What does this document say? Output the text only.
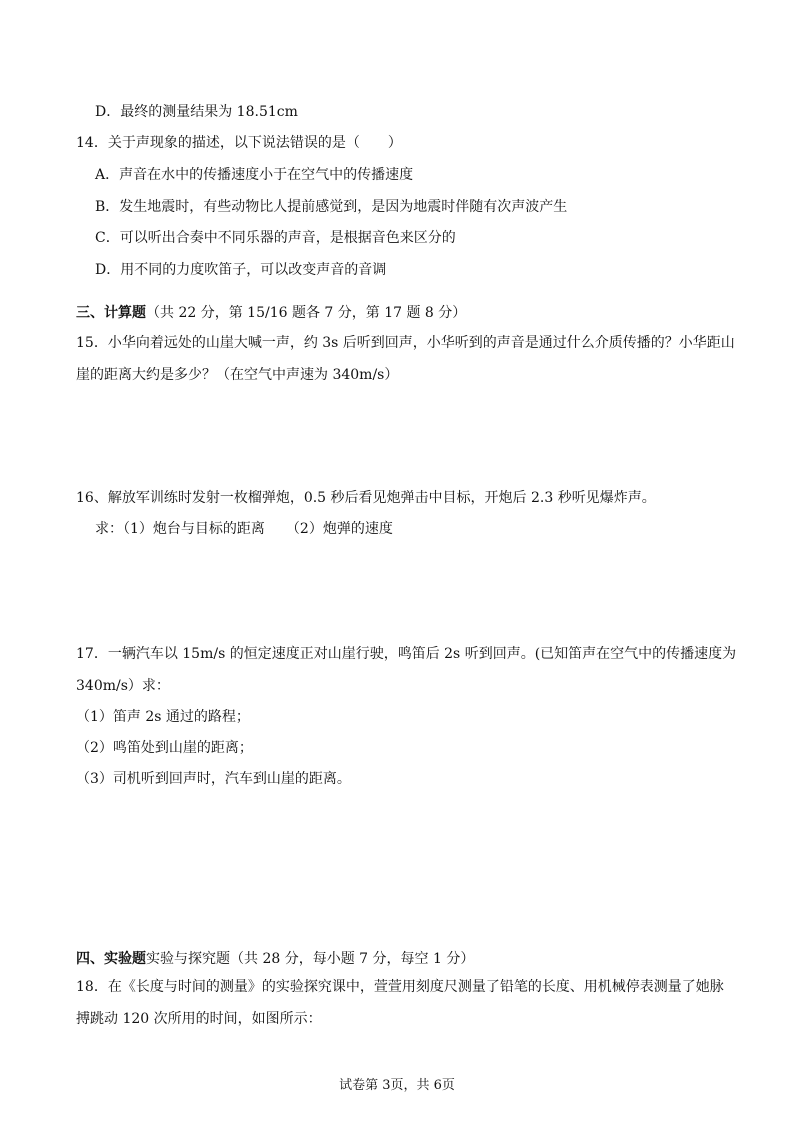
D．最终的测量结果为 18.51cm
14．关于声现象的描述，以下说法错误的是（　　）
A．声音在水中的传播速度小于在空气中的传播速度
B．发生地震时，有些动物比人提前感觉到，是因为地震时伴随有次声波产生
C．可以听出合奏中不同乐器的声音，是根据音色来区分的
D．用不同的力度吹笛子，可以改变声音的音调
三、计算题（共 22 分，第 15/16 题各 7 分，第 17 题 8 分）
15．小华向着远处的山崖大喊一声，约 3s 后听到回声，小华听到的声音是通过什么介质传播的？小华距山
崖的距离大约是多少？（在空气中声速为 340m/s）
16、解放军训练时发射一枚榴弹炮，0.5 秒后看见炮弹击中目标，开炮后 2.3 秒听见爆炸声。
求：（1）炮台与目标的距离　　（2）炮弹的速度
17．一辆汽车以 15m/s 的恒定速度正对山崖行驶，鸣笛后 2s 听到回声。(已知笛声在空气中的传播速度为
340m/s）求：
（1）笛声 2s 通过的路程；
（2）鸣笛处到山崖的距离；
（3）司机听到回声时，汽车到山崖的距离。
四、实验题实验与探究题（共 28 分，每小题 7 分，每空 1 分）
18．在《长度与时间的测量》的实验探究课中，萱萱用刻度尺测量了铅笔的长度、用机械停表测量了她脉
搏跳动 120 次所用的时间，如图所示：
试卷第 3页，共 6页
